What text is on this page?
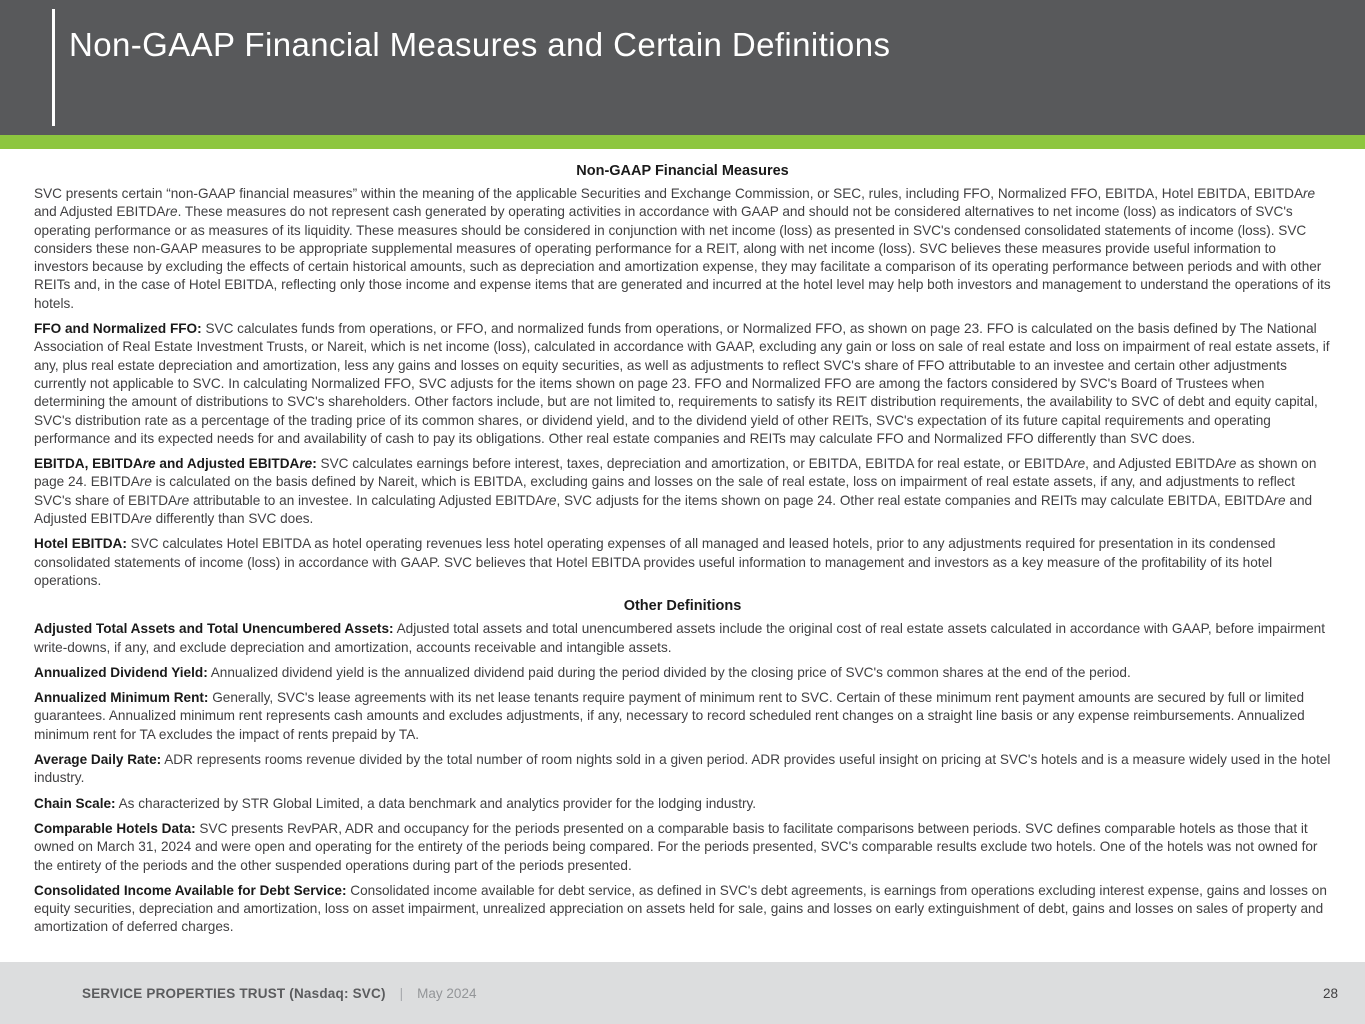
Non-GAAP Financial Measures and Certain Definitions
Non-GAAP Financial Measures

SVC presents certain “non-GAAP financial measures” within the meaning of the applicable Securities and Exchange Commission, or SEC, rules, including FFO, Normalized FFO, EBITDA, Hotel EBITDA, EBITDAre and Adjusted EBITDAre. These measures do not represent cash generated by operating activities in accordance with GAAP and should not be considered alternatives to net income (loss) as indicators of SVC's operating performance or as measures of its liquidity. These measures should be considered in conjunction with net income (loss) as presented in SVC's condensed consolidated statements of income (loss). SVC considers these non-GAAP measures to be appropriate supplemental measures of operating performance for a REIT, along with net income (loss). SVC believes these measures provide useful information to investors because by excluding the effects of certain historical amounts, such as depreciation and amortization expense, they may facilitate a comparison of its operating performance between periods and with other REITs and, in the case of Hotel EBITDA, reflecting only those income and expense items that are generated and incurred at the hotel level may help both investors and management to understand the operations of its hotels.

FFO and Normalized FFO: SVC calculates funds from operations, or FFO, and normalized funds from operations, or Normalized FFO, as shown on page 23. FFO is calculated on the basis defined by The National Association of Real Estate Investment Trusts, or Nareit, which is net income (loss), calculated in accordance with GAAP, excluding any gain or loss on sale of real estate and loss on impairment of real estate assets, if any, plus real estate depreciation and amortization, less any gains and losses on equity securities, as well as adjustments to reflect SVC's share of FFO attributable to an investee and certain other adjustments currently not applicable to SVC. In calculating Normalized FFO, SVC adjusts for the items shown on page 23. FFO and Normalized FFO are among the factors considered by SVC's Board of Trustees when determining the amount of distributions to SVC's shareholders. Other factors include, but are not limited to, requirements to satisfy its REIT distribution requirements, the availability to SVC of debt and equity capital, SVC's distribution rate as a percentage of the trading price of its common shares, or dividend yield, and to the dividend yield of other REITs, SVC's expectation of its future capital requirements and operating performance and its expected needs for and availability of cash to pay its obligations. Other real estate companies and REITs may calculate FFO and Normalized FFO differently than SVC does.

EBITDA, EBITDAre and Adjusted EBITDAre: SVC calculates earnings before interest, taxes, depreciation and amortization, or EBITDA, EBITDA for real estate, or EBITDAre, and Adjusted EBITDAre as shown on page 24. EBITDAre is calculated on the basis defined by Nareit, which is EBITDA, excluding gains and losses on the sale of real estate, loss on impairment of real estate assets, if any, and adjustments to reflect SVC's share of EBITDAre attributable to an investee. In calculating Adjusted EBITDAre, SVC adjusts for the items shown on page 24. Other real estate companies and REITs may calculate EBITDA, EBITDAre and Adjusted EBITDAre differently than SVC does.

Hotel EBITDA: SVC calculates Hotel EBITDA as hotel operating revenues less hotel operating expenses of all managed and leased hotels, prior to any adjustments required for presentation in its condensed consolidated statements of income (loss) in accordance with GAAP. SVC believes that Hotel EBITDA provides useful information to management and investors as a key measure of the profitability of its hotel operations.

Other Definitions

Adjusted Total Assets and Total Unencumbered Assets: Adjusted total assets and total unencumbered assets include the original cost of real estate assets calculated in accordance with GAAP, before impairment write-downs, if any, and exclude depreciation and amortization, accounts receivable and intangible assets.

Annualized Dividend Yield: Annualized dividend yield is the annualized dividend paid during the period divided by the closing price of SVC's common shares at the end of the period.

Annualized Minimum Rent: Generally, SVC's lease agreements with its net lease tenants require payment of minimum rent to SVC. Certain of these minimum rent payment amounts are secured by full or limited guarantees. Annualized minimum rent represents cash amounts and excludes adjustments, if any, necessary to record scheduled rent changes on a straight line basis or any expense reimbursements. Annualized minimum rent for TA excludes the impact of rents prepaid by TA.

Average Daily Rate: ADR represents rooms revenue divided by the total number of room nights sold in a given period. ADR provides useful insight on pricing at SVC's hotels and is a measure widely used in the hotel industry.

Chain Scale: As characterized by STR Global Limited, a data benchmark and analytics provider for the lodging industry.

Comparable Hotels Data: SVC presents RevPAR, ADR and occupancy for the periods presented on a comparable basis to facilitate comparisons between periods. SVC defines comparable hotels as those that it owned on March 31, 2024 and were open and operating for the entirety of the periods being compared. For the periods presented, SVC's comparable results exclude two hotels. One of the hotels was not owned for the entirety of the periods and the other suspended operations during part of the periods presented.

Consolidated Income Available for Debt Service: Consolidated income available for debt service, as defined in SVC's debt agreements, is earnings from operations excluding interest expense, gains and losses on equity securities, depreciation and amortization, loss on asset impairment, unrealized appreciation on assets held for sale, gains and losses on early extinguishment of debt, gains and losses on sales of property and amortization of deferred charges.

SERVICE PROPERTIES TRUST (Nasdaq: SVC) | May 2024	28
